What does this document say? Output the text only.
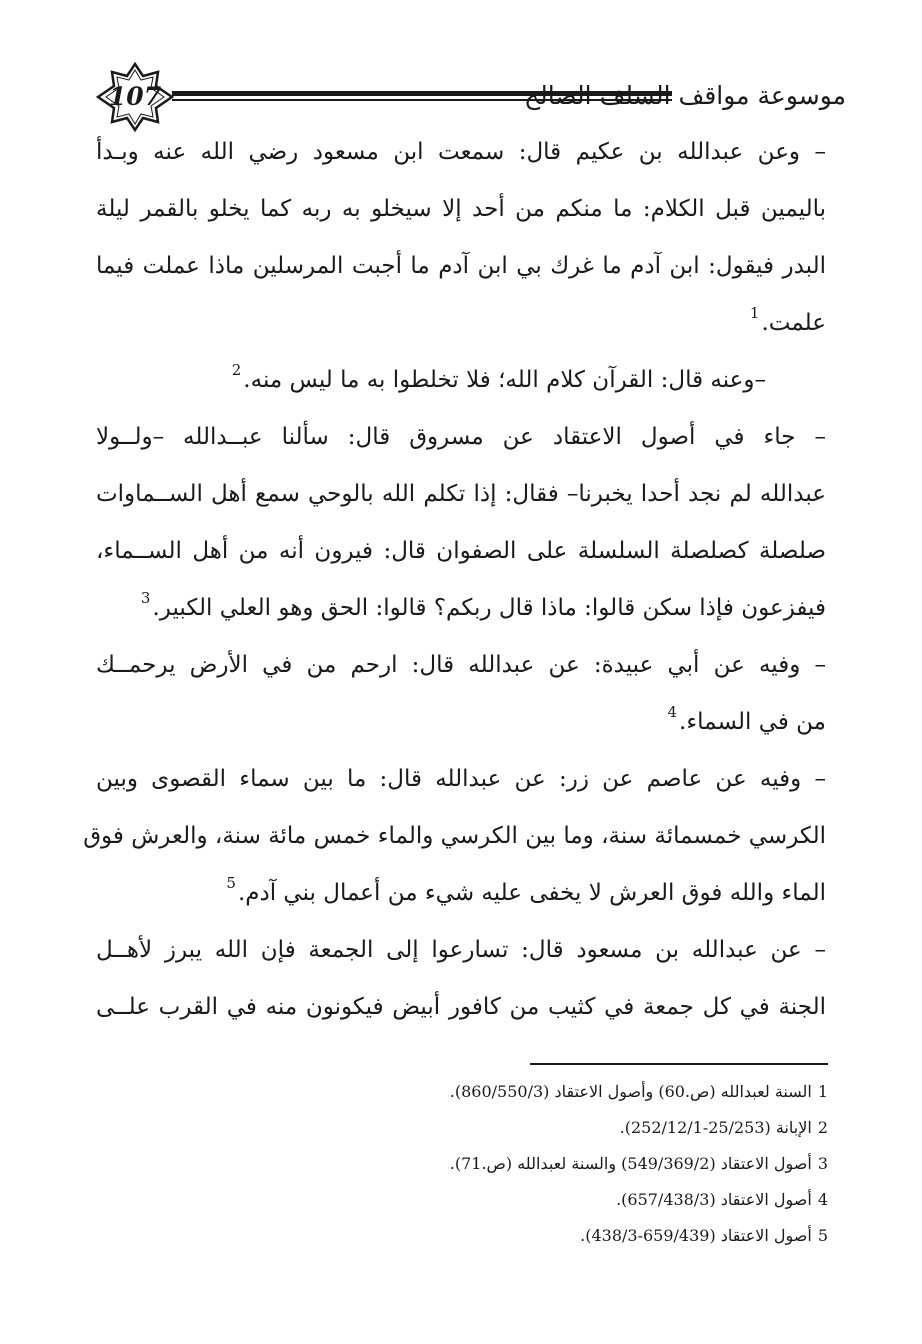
107	موسوعة مواقف السلف الصالح
– وعن عبدالله بن عكيم قال: سمعت ابن مسعود رضي الله عنه وبـدأ
باليمين قبل الكلام: ما منكم من أحد إلا سيخلو به ربه كما يخلو بالقمر ليلة
البدر فيقول: ابن آدم ما غرك بي ابن آدم ما أجبت المرسلين ماذا عملت فيما
علمت.$^1$
–وعنه قال: القرآن كلام الله؛ فلا تخلطوا به ما ليس منه.$^2$
– جاء في أصول الاعتقاد عن مسروق قال: سألنا عبــدالله –ولــولا
عبدالله لم نجد أحدا يخبرنا– فقال: إذا تكلم الله بالوحي سمع أهل الســماوات
صلصلة كصلصلة السلسلة على الصفوان قال: فيرون أنه من أهل الســماء،
فيفزعون فإذا سكن قالوا: ماذا قال ربكم؟ قالوا: الحق وهو العلي الكبير.$^3$
– وفيه عن أبي عبيدة: عن عبدالله قال: ارحم من في الأرض يرحمــك
من في السماء.$^4$
– وفيه عن عاصم عن زر: عن عبدالله قال: ما بين سماء القصوى وبين
الكرسي خمسمائة سنة، وما بين الكرسي والماء خمس مائة سنة، والعرش فوق
الماء والله فوق العرش لا يخفى عليه شيء من أعمال بني آدم.$^5$
– عن عبدالله بن مسعود قال: تسارعوا إلى الجمعة فإن الله يبرز لأهــل
الجنة في كل جمعة في كثيب من كافور أبيض فيكونون منه في القرب علــى
1السنة لعبدالله (ص.60) وأصول الاعتقاد (860/550/3).
2الإبانة (25/253-252/12/1).
3أصول الاعتقاد (549/369/2) والسنة لعبدالله (ص.71).
4أصول الاعتقاد (657/438/3).
5أصول الاعتقاد (659/439-438/3).
